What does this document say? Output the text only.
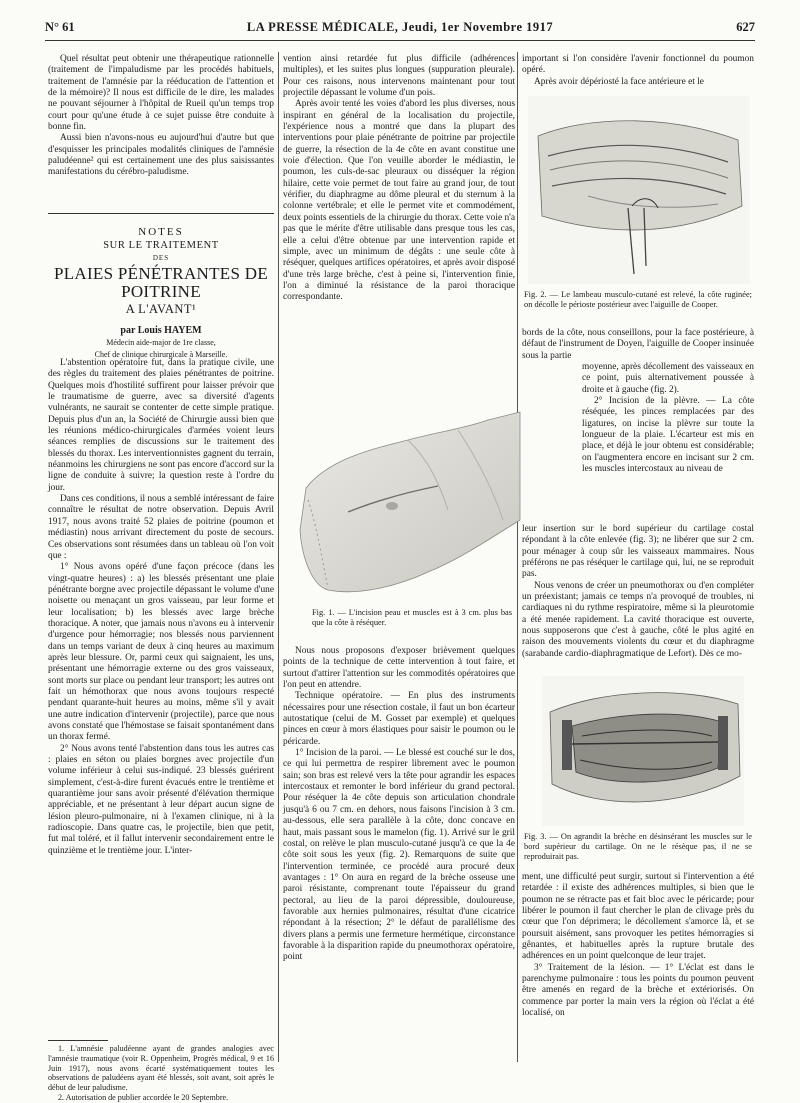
N° 61	LA PRESSE MÉDICALE, Jeudi, 1er Novembre 1917	627

Quel résultat peut obtenir une thérapeutique rationnelle (traitement de l'impaludisme par les procédés habituels, traitement de l'amnésie par la rééducation de l'attention et de la mémoire)? Il nous est difficile de le dire, les malades ne pouvant séjourner à l'hôpital de Rueil qu'un temps trop court pour qu'une étude à ce sujet puisse être conduite à bonne fin.

Aussi bien n'avons-nous eu aujourd'hui d'autre but que d'esquisser les principales modalités cliniques de l'amnésie paludéenne² qui est certainement une des plus saisissantes manifestations du cérébro-paludisme.

NOTES
SUR LE TRAITEMENT
DES
PLAIES PÉNÉTRANTES DE POITRINE
A L'AVANT¹
par Louis HAYEM
Médecin aide-major de 1re classe,
Chef de clinique chirurgicale à Marseille.

L'abstention opératoire fut, dans la pratique civile, une des règles du traitement des plaies pénétrantes de poitrine. Quelques mois d'hostilité suffirent pour laisser prévoir que le traumatisme de guerre, avec sa diversité d'agents vulnérants, ne saurait se contenter de cette simple pratique. Depuis plus d'un an, la Société de Chirurgie aussi bien que les réunions médico-chirurgicales d'armées voient leurs séances remplies de discussions sur le traitement des blessés du thorax. Les interventionnistes gagnent du terrain, néanmoins les chirurgiens ne sont pas encore d'accord sur la ligne de conduite à suivre; la question reste à l'ordre du jour.

Dans ces conditions, il nous a semblé intéressant de faire connaître le résultat de notre observation. Depuis Avril 1917, nous avons traité 52 plaies de poitrine (poumon et médiastin) nous arrivant directement du poste de secours. Ces observations sont résumées dans un tableau où l'on voit que :

1° Nous avons opéré d'une façon précoce (dans les vingt-quatre heures) : a) les blessés présentant une plaie pénétrante borgne avec projectile dépassant le volume d'une noisette ou menaçant un gros vaisseau, par leur forme et leur localisation; b) les blessés avec large brèche thoracique. A noter, que jamais nous n'avons eu à intervenir d'urgence pour hémorragie; nos blessés nous parviennent dans un temps variant de deux à cinq heures au maximum après leur blessure. Or, parmi ceux qui saignaient, les uns, présentant une hémorragie externe ou des gros vaisseaux, sont morts sur place ou pendant leur transport; les autres ont fait un hémothorax que nous avons toujours respecté pendant quarante-huit heures au moins, même s'il y avait une autre indication d'intervenir (projectile), parce que nous avons constaté que l'hémostase se faisait spontanément dans un thorax fermé.

2° Nous avons tenté l'abstention dans tous les autres cas : plaies en séton ou plaies borgnes avec projectile d'un volume inférieur à celui sus-indiqué. 23 blessés guérirent simplement, c'est-à-dire furent évacués entre le trentième et quarantième jour sans avoir présenté d'élévation thermique appréciable, et ne présentant à leur départ aucun signe de lésion pleuro-pulmonaire, ni à l'examen clinique, ni à la radioscopie. Dans quatre cas, le projectile, bien que petit, fut mal toléré, et il fallut intervenir secondairement entre le quinzième et le trentième jour. L'inter-

1. L'amnésie paludéenne ayant de grandes analogies avec l'amnésie traumatique (voir R. Oppenheim, Progrès médical, 9 et 16 Juin 1917), nous avons écarté systématiquement toutes les observations de paludéens ayant été blessés, soit avant, soit après le début de leur paludisme.

2. Autorisation de publier accordée le 20 Septembre.

vention ainsi retardée fut plus difficile (adhérences multiples), et les suites plus longues (suppuration pleurale). Pour ces raisons, nous intervenons maintenant pour tout projectile dépassant le volume d'un pois.

Après avoir tenté les voies d'abord les plus diverses, nous inspirant en général de la localisation du projectile, l'expérience nous a montré que dans la plupart des interventions pour plaie pénétrante de poitrine par projectile de guerre, la résection de la 4e côte en avant constitue une voie d'élection. Que l'on veuille aborder le médiastin, le poumon, les culs-de-sac pleuraux ou disséquer la région hilaire, cette voie permet de tout faire au grand jour, de tout vérifier, du diaphragme au dôme pleural et du sternum à la colonne vertébrale; et elle le permet vite et commodément, deux points essentiels de la chirurgie du thorax. Cette voie n'a pas que le mérite d'être utilisable dans presque tous les cas, elle a celui d'être obtenue par une intervention rapide et simple, avec un minimum de dégâts : une seule côte à réséquer, quelques artifices opératoires, et après avoir disposé d'une très large brèche, c'est à peine si, l'intervention finie, l'on a diminué la résistance de la paroi thoracique correspondante.

Fig. 1. — L'incision peau et muscles est à 3 cm. plus bas que la côte à réséquer.

Nous nous proposons d'exposer brièvement quelques points de la technique de cette intervention à tout faire, et surtout d'attirer l'attention sur les commodités opératoires que l'on peut en attendre.

Technique opératoire. — En plus des instruments nécessaires pour une résection costale, il faut un bon écarteur autostatique (celui de M. Gosset par exemple) et quelques pinces en cœur à mors élastiques pour saisir le poumon ou le péricarde.

1° Incision de la paroi. — Le blessé est couché sur le dos, ce qui lui permettra de respirer librement avec le poumon sain; son bras est relevé vers la tête pour agrandir les espaces intercostaux et remonter le bord inférieur du grand pectoral. Pour réséquer la 4e côte depuis son articulation chondrale jusqu'à 6 ou 7 cm. en dehors, nous faisons l'incision à 3 cm. au-dessous, elle sera parallèle à la côte, donc concave en haut, mais passant sous le mamelon (fig. 1). Arrivé sur le gril costal, on relève le plan musculo-cutané jusqu'à ce que la 4e côte soit sous les yeux (fig. 2). Remarquons de suite que l'intervention terminée, ce procédé aura procuré deux avantages : 1° On aura en regard de la brèche osseuse une paroi résistante, comprenant toute l'épaisseur du grand pectoral, au lieu de la paroi dépressible, douloureuse, favorable aux hernies pulmonaires, résultat d'une cicatrice répondant à la résection; 2° le défaut de parallélisme des divers plans a permis une fermeture hermétique, circonstance favorable à la disparition rapide du pneumothorax opératoire, point

important si l'on considère l'avenir fonctionnel du poumon opéré.

Après avoir dépériosté la face antérieure et le

Fig. 2. — Le lambeau musculo-cutané est relevé, la côte ruginée; on décolle le périoste postérieur avec l'aiguille de Cooper.

bords de la côte, nous conseillons, pour la face postérieure, à défaut de l'instrument de Doyen, l'aiguille de Cooper insinuée sous la partie

moyenne, après décollement des vaisseaux en ce point, puis alternativement poussée à droite et à gauche (fig. 2).

2° Incision de la plèvre. — La côte réséquée, les pinces remplacées par des ligatures, on incise la plèvre sur toute la longueur de la plaie. L'écarteur est mis en place, et déjà le jour obtenu est considérable; on l'augmentera encore en incisant sur 2 cm. les muscles intercostaux au niveau de

leur insertion sur le bord supérieur du cartilage costal répondant à la côte enlevée (fig. 3); ne libérer que sur 2 cm. pour ménager à coup sûr les vaisseaux mammaires. Nous préférons ne pas réséquer le cartilage qui, lui, ne se reproduit pas.

Nous venons de créer un pneumothorax ou d'en compléter un préexistant; jamais ce temps n'a provoqué de troubles, ni cardiaques ni du rythme respiratoire, même si la pleurotomie a été menée rapidement. La cavité thoracique est ouverte, nous supposerons que c'est à gauche, côté le plus agité en raison des mouvements violents du cœur et du diaphragme (sarabande cardio-diaphragmatique de Lefort). Dès ce mo-

Fig. 3. — On agrandit la brèche en désinsérant les muscles sur le bord supérieur du cartilage. On ne le résèque pas, il ne se reproduirait pas.

ment, une difficulté peut surgir, surtout si l'intervention a été retardée : il existe des adhérences multiples, si bien que le poumon ne se rétracte pas et fait bloc avec le péricarde; pour libérer le poumon il faut chercher le plan de clivage près du cœur que l'on déprimera; le décollement s'amorce là, et se poursuit aisément, sans provoquer les petites hémorragies si gênantes, et habituelles après la rupture brutale des adhérences en un point quelconque de leur trajet.

3° Traitement de la lésion. — 1° L'éclat est dans le parenchyme pulmonaire : tous les points du poumon peuvent être amenés en regard de la brèche et extériorisés. On commence par porter la main vers la région où l'éclat a été localisé, on
